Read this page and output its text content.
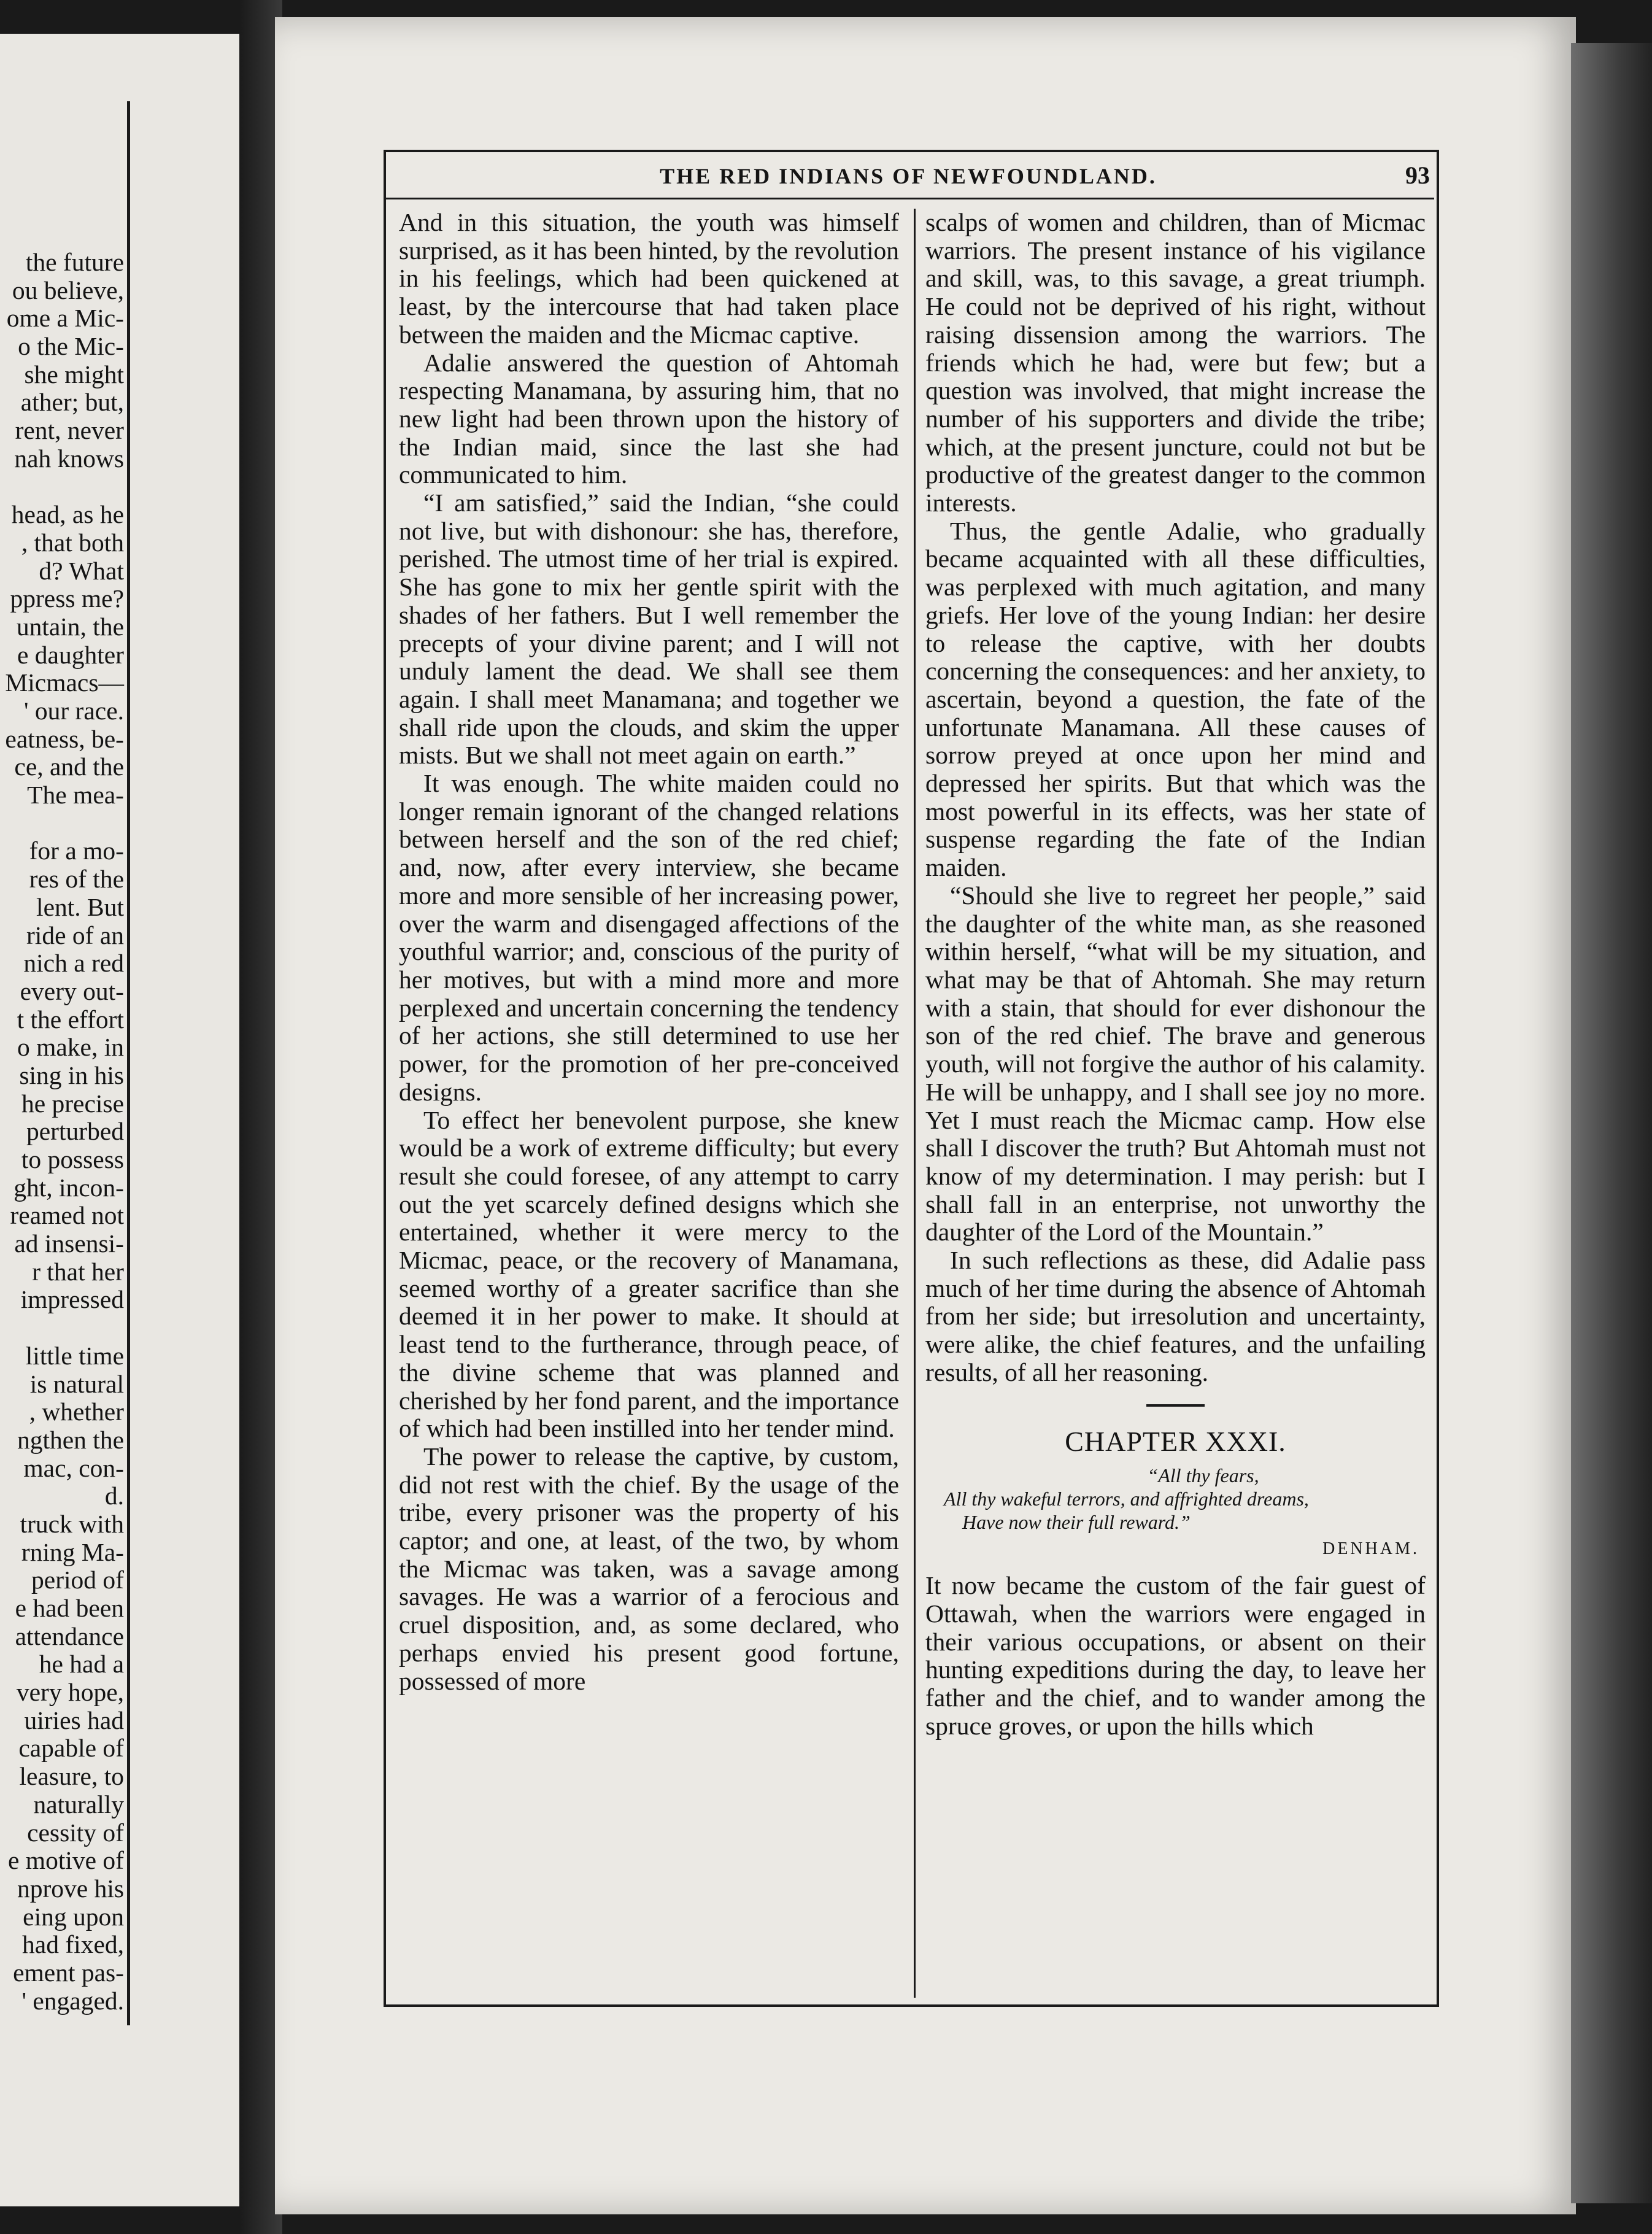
the future
ou believe,
ome a Mic-
o the Mic-
she might
ather; but,
rent, never
nah knows
head, as he
, that both
d? What
ppress me?
untain, the
e daughter
Micmacs—
' our race.
eatness, be-
ce, and the
The mea-
for a mo-
res of the
lent. But
ride of an
nich a red
every out-
t the effort
o make, in
sing in his
he precise
perturbed
to possess
ght, incon-
reamed not
ad insensi-
r that her
impressed
little time
is natural
, whether
ngthen the
mac, con-
d.
truck with
rning Ma-
period of
e had been
attendance
he had a
very hope,
uiries had
capable of
leasure, to
naturally
cessity of
e motive of
nprove his
eing upon
had fixed,
ement pas-
' engaged.
THE RED INDIANS OF NEWFOUNDLAND.	93

And in this situation, the youth was himself surprised, as it has been hinted, by the revolution in his feelings, which had been quickened at least, by the intercourse that had taken place between the maiden and the Micmac captive.

Adalie answered the question of Ahtomah respecting Manamana, by assuring him, that no new light had been thrown upon the history of the Indian maid, since the last she had communicated to him.

“I am satisfied,” said the Indian, “she could not live, but with dishonour: she has, therefore, perished. The utmost time of her trial is expired. She has gone to mix her gentle spirit with the shades of her fathers. But I well remember the precepts of your divine parent; and I will not unduly lament the dead. We shall see them again. I shall meet Manamana; and together we shall ride upon the clouds, and skim the upper mists. But we shall not meet again on earth.”

It was enough. The white maiden could no longer remain ignorant of the changed relations between herself and the son of the red chief; and, now, after every interview, she became more and more sensible of her increasing power, over the warm and disengaged affections of the youthful warrior; and, conscious of the purity of her motives, but with a mind more and more perplexed and uncertain concerning the tendency of her actions, she still determined to use her power, for the promotion of her pre-conceived designs.

To effect her benevolent purpose, she knew would be a work of extreme difficulty; but every result she could foresee, of any attempt to carry out the yet scarcely defined designs which she entertained, whether it were mercy to the Micmac, peace, or the recovery of Manamana, seemed worthy of a greater sacrifice than she deemed it in her power to make. It should at least tend to the furtherance, through peace, of the divine scheme that was planned and cherished by her fond parent, and the importance of which had been instilled into her tender mind.

The power to release the captive, by custom, did not rest with the chief. By the usage of the tribe, every prisoner was the property of his captor; and one, at least, of the two, by whom the Micmac was taken, was a savage among savages. He was a warrior of a ferocious and cruel disposition, and, as some declared, who perhaps envied his present good fortune, possessed of more

scalps of women and children, than of Micmac warriors. The present instance of his vigilance and skill, was, to this savage, a great triumph. He could not be deprived of his right, without raising dissension among the warriors. The friends which he had, were but few; but a question was involved, that might increase the number of his supporters and divide the tribe; which, at the present juncture, could not but be productive of the greatest danger to the common interests.

Thus, the gentle Adalie, who gradually became acquainted with all these difficulties, was perplexed with much agitation, and many griefs. Her love of the young Indian: her desire to release the captive, with her doubts concerning the consequences: and her anxiety, to ascertain, beyond a question, the fate of the unfortunate Manamana. All these causes of sorrow preyed at once upon her mind and depressed her spirits. But that which was the most powerful in its effects, was her state of suspense regarding the fate of the Indian maiden.

“Should she live to regreet her people,” said the daughter of the white man, as she reasoned within herself, “what will be my situation, and what may be that of Ahtomah. She may return with a stain, that should for ever dishonour the son of the red chief. The brave and generous youth, will not forgive the author of his calamity. He will be unhappy, and I shall see joy no more. Yet I must reach the Micmac camp. How else shall I discover the truth? But Ahtomah must not know of my determination. I may perish: but I shall fall in an enterprise, not unworthy the daughter of the Lord of the Mountain.”

In such reflections as these, did Adalie pass much of her time during the absence of Ahtomah from her side; but irresolution and uncertainty, were alike, the chief features, and the unfailing results, of all her reasoning.

CHAPTER XXXI.
“All thy fears,
All thy wakeful terrors, and affrighted dreams,
Have now their full reward.”
DENHAM.

It now became the custom of the fair guest of Ottawah, when the warriors were engaged in their various occupations, or absent on their hunting expeditions during the day, to leave her father and the chief, and to wander among the spruce groves, or upon the hills which
